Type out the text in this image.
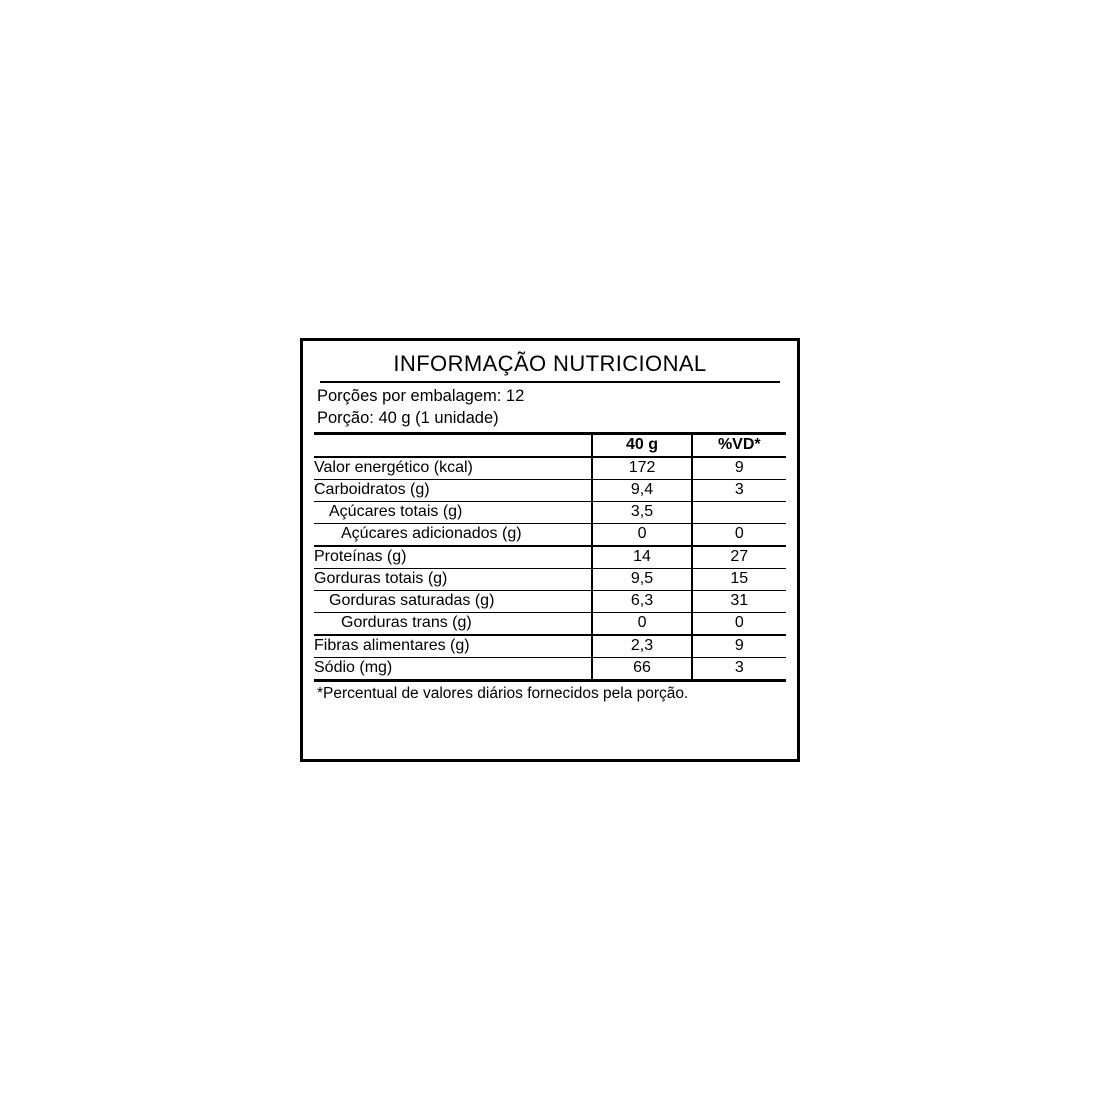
INFORMAÇÃO NUTRICIONAL
Porções por embalagem: 12
Porção: 40 g (1 unidade)
	40 g	%VD*
Valor energético (kcal)	172	9
Carboidratos (g)	9,4	3
Açúcares totais (g)	3,5	
Açúcares adicionados (g)	0	0
Proteínas (g)	14	27
Gorduras totais (g)	9,5	15
Gorduras saturadas (g)	6,3	31
Gorduras trans (g)	0	0
Fibras alimentares (g)	2,3	9
Sódio (mg)	66	3
*Percentual de valores diários fornecidos pela porção.
